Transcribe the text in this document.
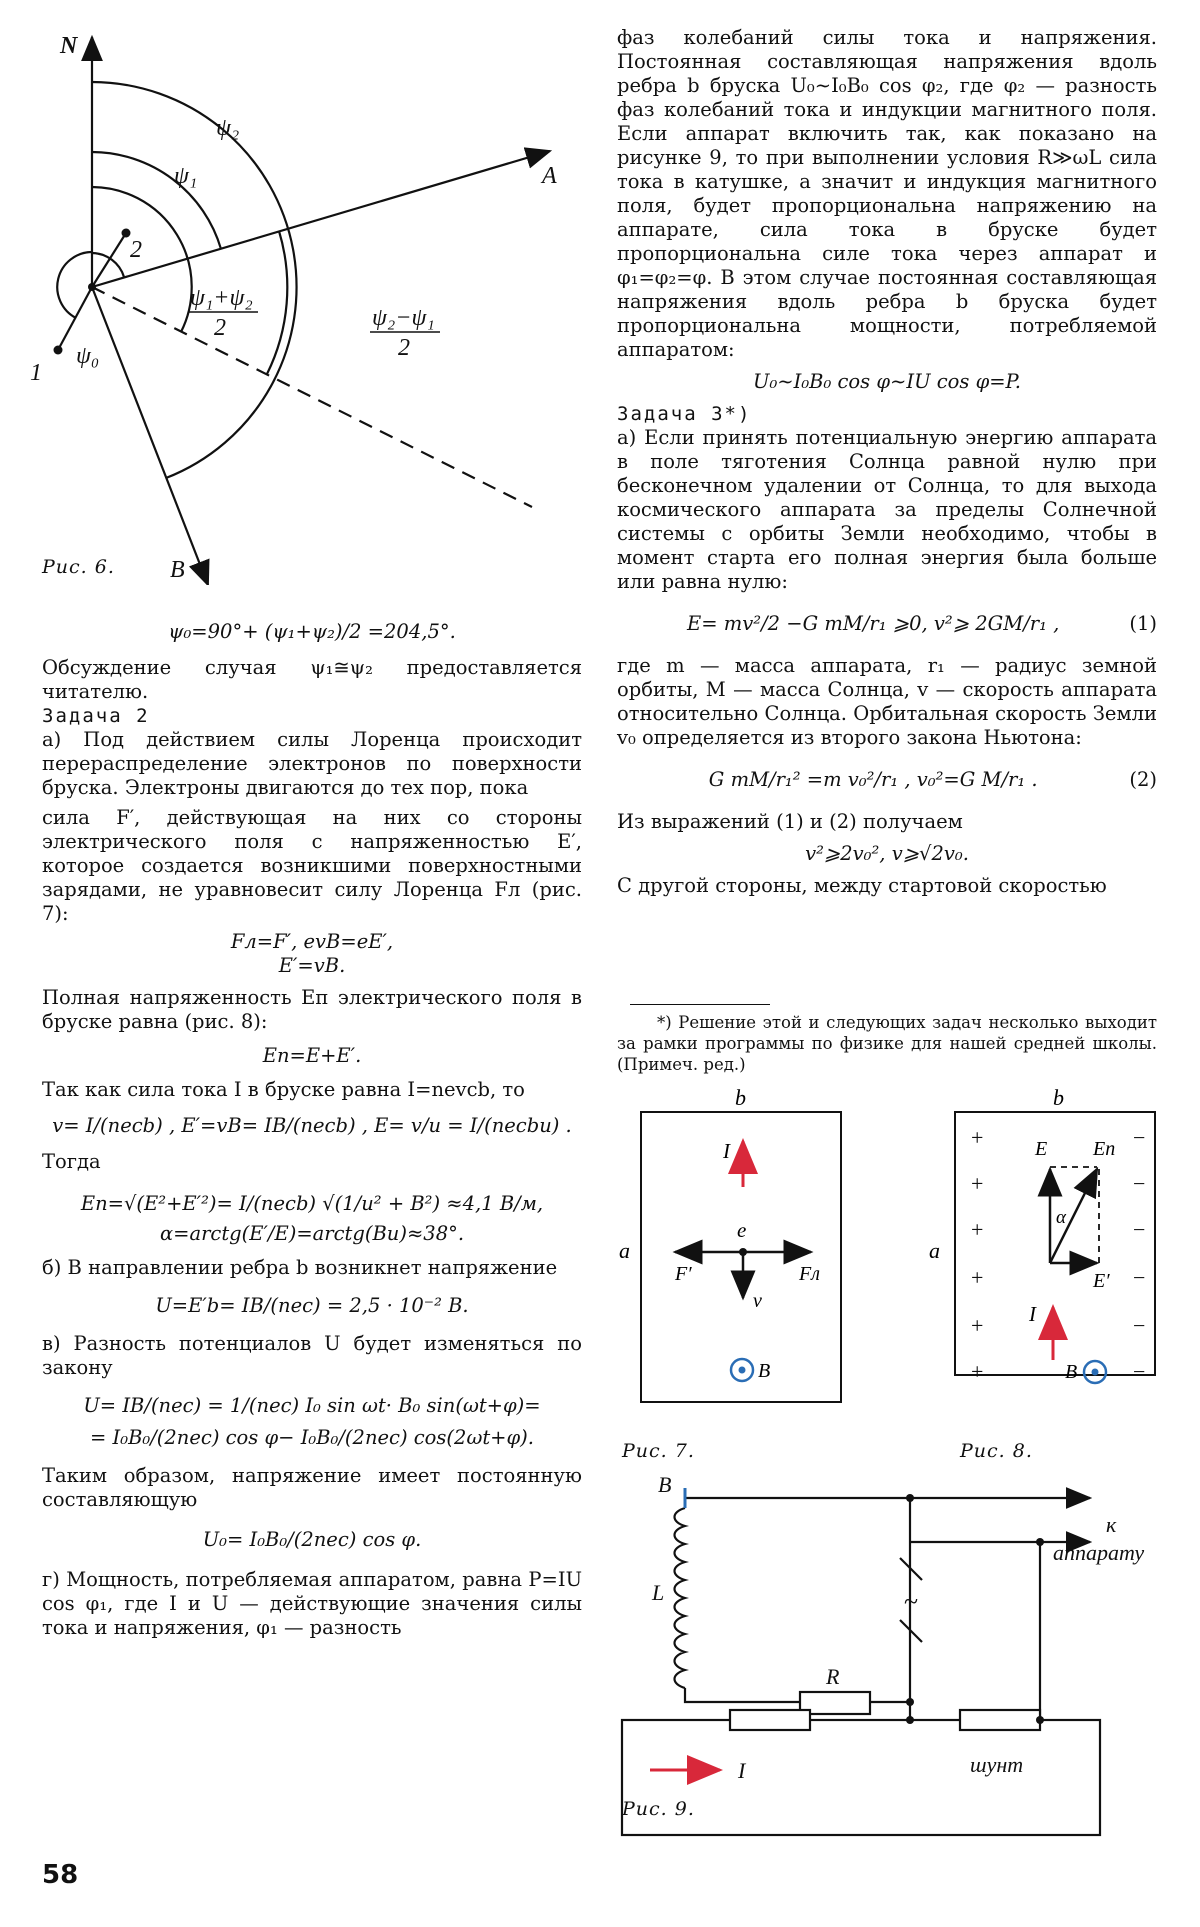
N
A
B
1
2
ψ₂
ψ₁
ψ₀
ψ₁+ψ₂
2	ψ₂−ψ₁
2
Рис. 6.
ψ₀=90°+ (ψ₁+ψ₂)/2 =204,5°.

Обсуждение случая ψ₁≅ψ₂ предоставляется читателю.

Задача 2

а) Под действием силы Лоренца происходит перераспределение электронов по поверхности бруска. Электроны двигаются до тех пор, пока

сила F′, действующая на них со стороны электрического поля с напряженностью E′, которое создается возникшими поверхностными зарядами, не уравновесит силу Лоренца Fл (рис. 7):

Fл=F′, evB=eE′,
E′=vB.

Полная напряженность Eп электрического поля в бруске равна (рис. 8):

Eп=E+E′.

Так как сила тока I в бруске равна I=nevcb, то

v= I/(necb) , E′=vB= IB/(necb) , E= v/u = I/(necbu) .

Тогда

Eп=√(E²+E′²)= I/(necb) √(1/u² + B²) ≈4,1 В/м,
α=arctg(E′/E)=arctg(Bu)≈38°.

б) В направлении ребра b возникнет напряжение

U=E′b= IB/(nec) = 2,5 · 10⁻² В.

в) Разность потенциалов U будет изменяться по закону

U= IB/(nec) = 1/(nec) I₀ sin ωt· B₀ sin(ωt+φ)=
= I₀B₀/(2nec) cos φ− I₀B₀/(2nec) cos(2ωt+φ).

Таким образом, напряжение имеет постоянную составляющую

U₀= I₀B₀/(2nec) cos φ.

г) Мощность, потребляемая аппаратом, равна P=IU cos φ₁, где I и U — действующие значения силы тока и напряжения, φ₁ — разность

58

фаз колебаний силы тока и напряжения. Постоянная составляющая напряжения вдоль ребра b бруска U₀∼I₀B₀ cos φ₂, где φ₂ — разность фаз колебаний тока и индукции магнитного поля. Если аппарат включить так, как показано на рисунке 9, то при выполнении условия R≫ωL сила тока в катушке, а значит и индукция магнитного поля, будет пропорциональна напряжению на аппарате, сила тока в бруске будет пропорциональна силе тока через аппарат и φ₁=φ₂=φ. В этом случае постоянная составляющая напряжения вдоль ребра b бруска будет пропорциональна мощности, потребляемой аппаратом:

U₀∼I₀B₀ cos φ∼IU cos φ=P.
Задача 3*)

а) Если принять потенциальную энергию аппарата в поле тяготения Солнца равной нулю при бесконечном удалении от Солнца, то для выхода космического аппарата за пределы Солнечной системы с орбиты Земли необходимо, чтобы в момент старта его полная энергия была больше или равна нулю:

E= mv²/2 −G mM/r₁ ⩾0, v²⩾ 2GM/r₁ ,	(1)

где m — масса аппарата, r₁ — радиус земной орбиты, M — масса Солнца, v — скорость аппарата относительно Солнца. Орбитальная скорость Земли v₀ определяется из второго закона Ньютона:

G mM/r₁² =m v₀²/r₁ , v₀²=G M/r₁ .	(2)

Из выражений (1) и (2) получаем

v²⩾2v₀², v⩾√2v₀.

С другой стороны, между стартовой скоростью

*) Решение этой и следующих задач несколько выходит за рамки программы по физике для нашей средней школы. (Примеч. ред.)

b
a
I
e
F′	Fл
v
B
Рис. 7.
b
a
+
+
+
+
+
+
−
−
−
−
−
−
E Eп
α
E′
I
B
Рис. 8.
B
L
R
~
к
аппарату
I	шунт
Рис. 9.
